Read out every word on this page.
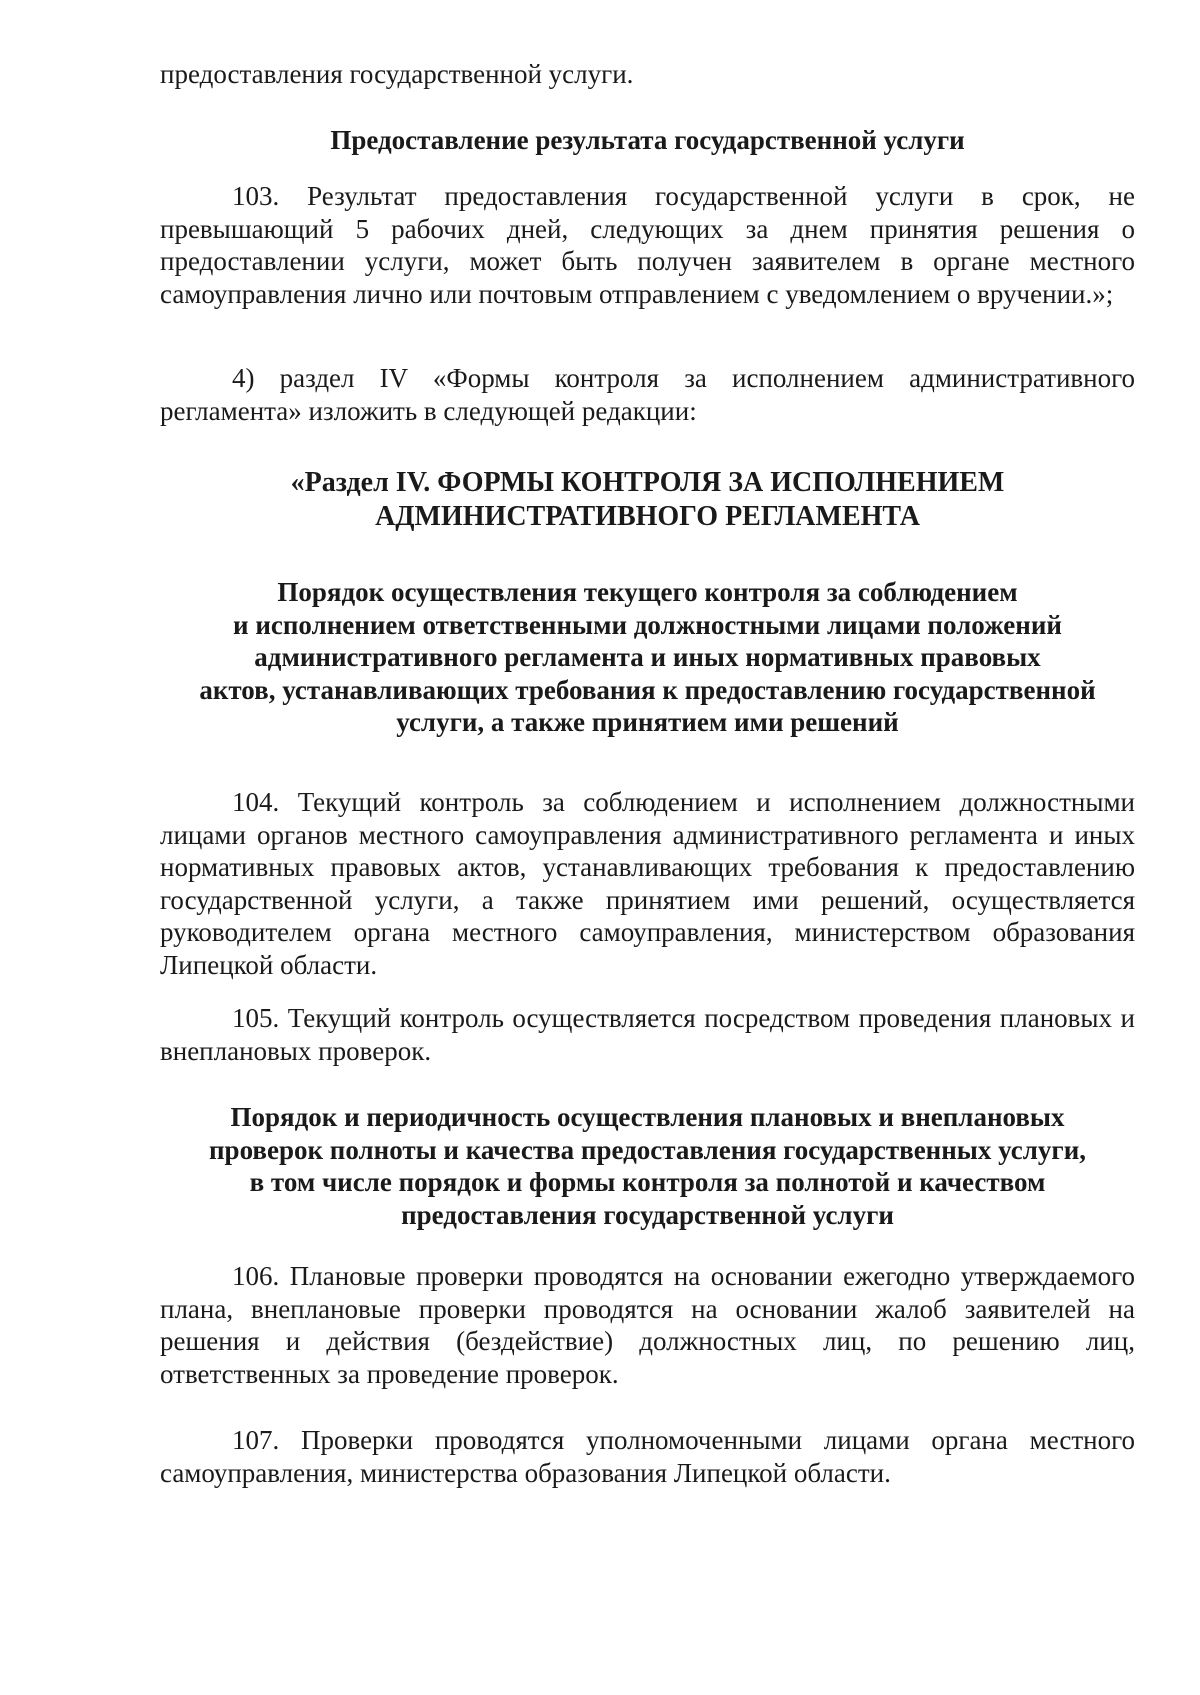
предоставления государственной услуги.

Предоставление результата государственной услуги

103. Результат предоставления государственной услуги в срок, не превышающий 5 рабочих дней, следующих за днем принятия решения о предоставлении услуги, может быть получен заявителем в органе местного самоуправления лично или почтовым отправлением с уведомлением о вручении.»;

4) раздел IV «Формы контроля за исполнением административного регламента» изложить в следующей редакции:

«Раздел IV. ФОРМЫ КОНТРОЛЯ ЗА ИСПОЛНЕНИЕМ
АДМИНИСТРАТИВНОГО РЕГЛАМЕНТА
Порядок осуществления текущего контроля за соблюдением
и исполнением ответственными должностными лицами положений
административного регламента и иных нормативных правовых
актов, устанавливающих требования к предоставлению государственной
услуги, а также принятием ими решений

104. Текущий контроль за соблюдением и исполнением должностными лицами органов местного самоуправления административного регламента и иных нормативных правовых актов, устанавливающих требования к предоставлению государственной услуги, а также принятием ими решений, осуществляется руководителем органа местного самоуправления, министерством образования Липецкой области.

105. Текущий контроль осуществляется посредством проведения плановых и внеплановых проверок.

Порядок и периодичность осуществления плановых и внеплановых
проверок полноты и качества предоставления государственных услуги,
в том числе порядок и формы контроля за полнотой и качеством
предоставления государственной услуги

106. Плановые проверки проводятся на основании ежегодно утверждаемого плана, внеплановые проверки проводятся на основании жалоб заявителей на решения и действия (бездействие) должностных лиц, по решению лиц, ответственных за проведение проверок.

107. Проверки проводятся уполномоченными лицами органа местного самоуправления, министерства образования Липецкой области.
